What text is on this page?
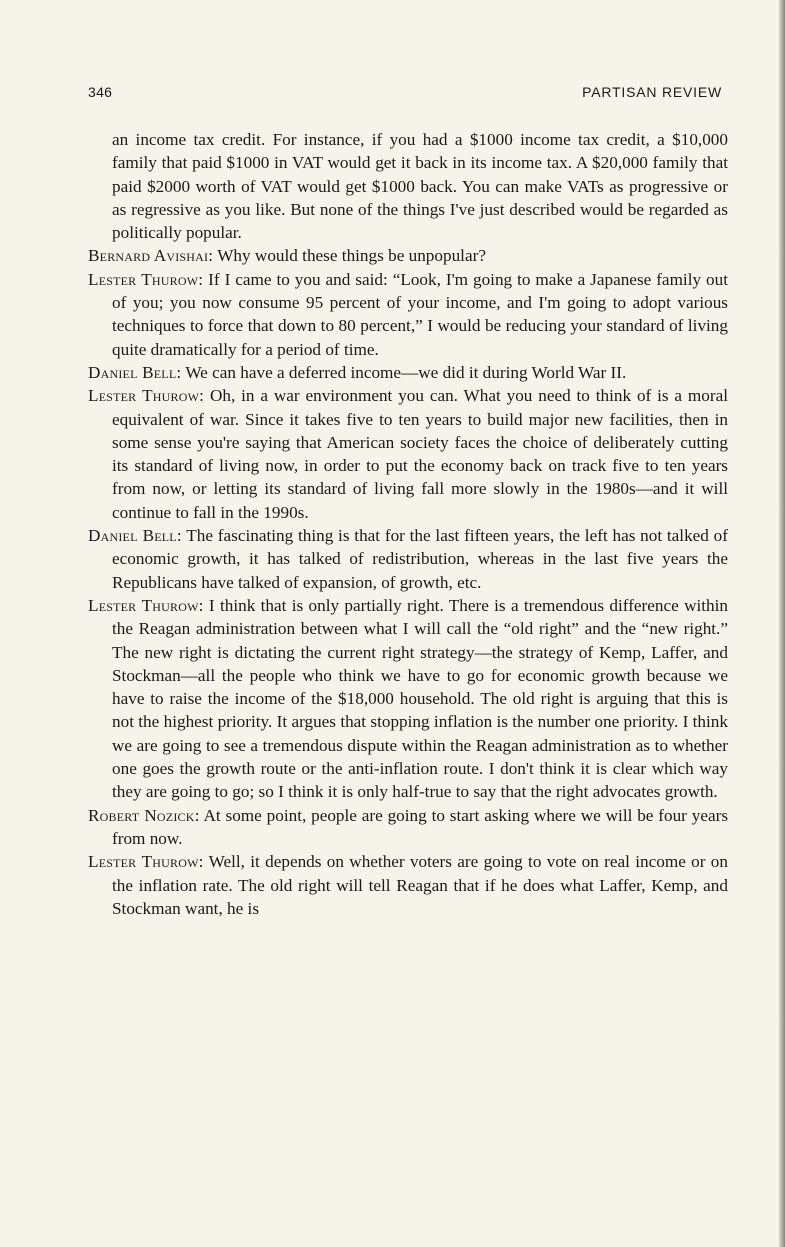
346	PARTISAN REVIEW

an income tax credit. For instance, if you had a $1000 income tax credit, a $10,000 family that paid $1000 in VAT would get it back in its income tax. A $20,000 family that paid $2000 worth of VAT would get $1000 back. You can make VATs as progressive or as regressive as you like. But none of the things I've just described would be regarded as politically popular.

Bernard Avishai: Why would these things be unpopular?

Lester Thurow: If I came to you and said: “Look, I'm going to make a Japanese family out of you; you now consume 95 percent of your income, and I'm going to adopt various techniques to force that down to 80 percent,” I would be reducing your standard of living quite dramatically for a period of time.

Daniel Bell: We can have a deferred income—we did it during World War II.

Lester Thurow: Oh, in a war environment you can. What you need to think of is a moral equivalent of war. Since it takes five to ten years to build major new facilities, then in some sense you're saying that American society faces the choice of deliberately cutting its standard of living now, in order to put the economy back on track five to ten years from now, or letting its standard of living fall more slowly in the 1980s—and it will continue to fall in the 1990s.

Daniel Bell: The fascinating thing is that for the last fifteen years, the left has not talked of economic growth, it has talked of redistribution, whereas in the last five years the Republicans have talked of expansion, of growth, etc.

Lester Thurow: I think that is only partially right. There is a tremendous difference within the Reagan administration between what I will call the “old right” and the “new right.” The new right is dictating the current right strategy—the strategy of Kemp, Laffer, and Stockman—all the people who think we have to go for economic growth because we have to raise the income of the $18,000 household. The old right is arguing that this is not the highest priority. It argues that stopping inflation is the number one priority. I think we are going to see a tremendous dispute within the Reagan administration as to whether one goes the growth route or the anti-inflation route. I don't think it is clear which way they are going to go; so I think it is only half-true to say that the right advocates growth.

Robert Nozick: At some point, people are going to start asking where we will be four years from now.

Lester Thurow: Well, it depends on whether voters are going to vote on real income or on the inflation rate. The old right will tell Reagan that if he does what Laffer, Kemp, and Stockman want, he is
